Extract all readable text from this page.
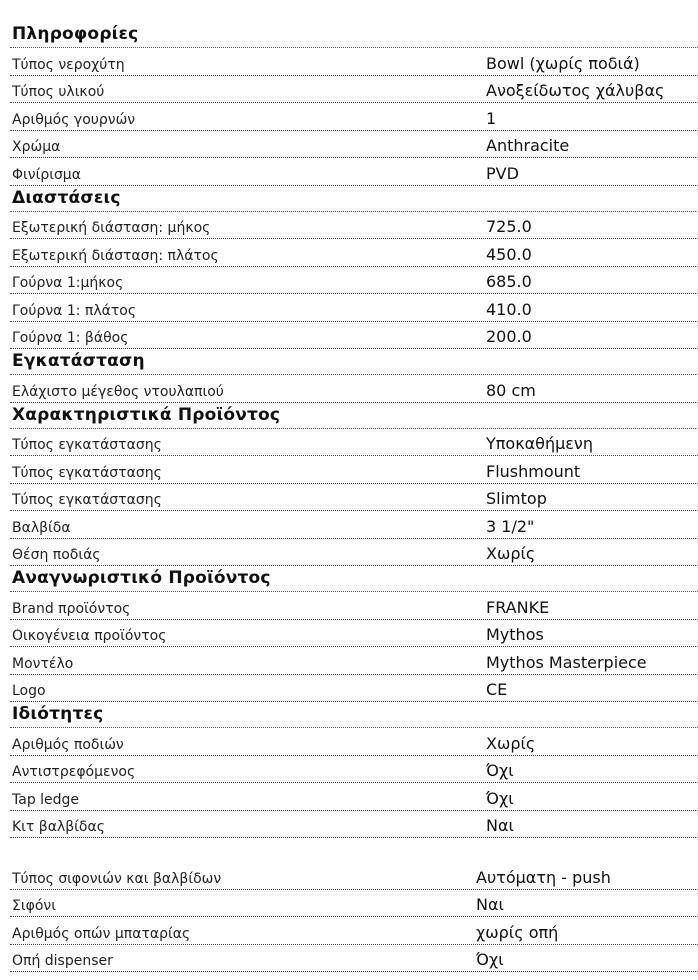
Πληροφορίες
Τύπος νεροχύτη	Bowl (χωρίς ποδιά)
Τύπος υλικού	Ανοξείδωτος χάλυβας
Αριθμός γουρνών	1
Χρώμα	Anthracite
Φινίρισμα	PVD
Διαστάσεις
Εξωτερική διάσταση: μήκος	725.0
Εξωτερική διάσταση: πλάτος	450.0
Γούρνα 1:μήκος	685.0
Γούρνα 1: πλάτος	410.0
Γούρνα 1: βάθος	200.0
Εγκατάσταση
Ελάχιστο μέγεθος ντουλαπιού	80 cm
Χαρακτηριστικά Προϊόντος
Τύπος εγκατάστασης	Υποκαθήμενη
Τύπος εγκατάστασης	Flushmount
Τύπος εγκατάστασης	Slimtop
Βαλβίδα	3 1/2"
Θέση ποδιάς	Χωρίς
Αναγνωριστικό Προϊόντος
Brand προϊόντος	FRANKE
Οικογένεια προϊόντος	Mythos
Μοντέλο	Mythos Masterpiece
Logo	CE
Ιδιότητες
Αριθμός ποδιών	Χωρίς
Αντιστρεφόμενος	Όχι
Tap ledge	Όχι
Κιτ βαλβίδας	Ναι
Τύπος σιφονιών και βαλβίδων	Αυτόματη - push
Σιφόνι	Ναι
Αριθμός οπών μπαταρίας	χωρίς οπή
Οπή dispenser	Όχι
